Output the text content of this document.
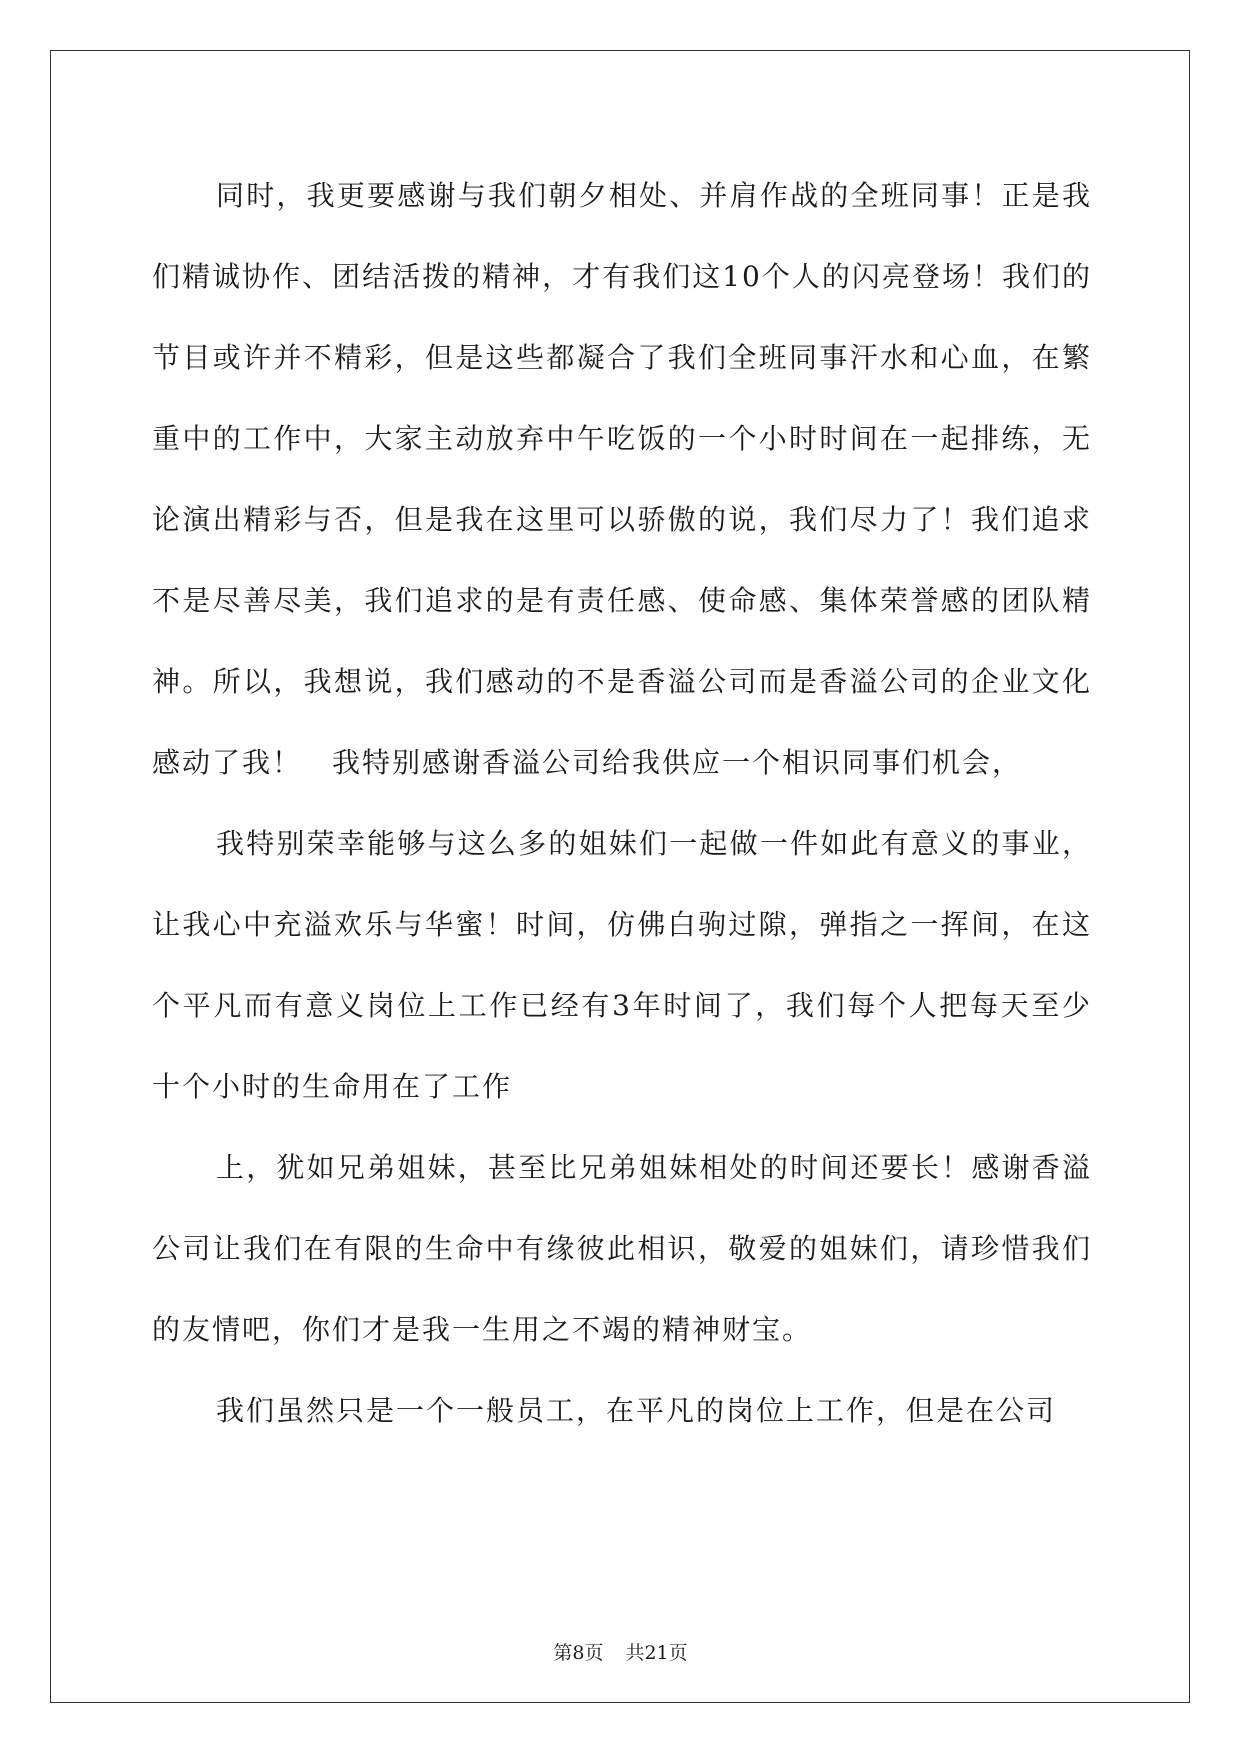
同时，我更要感谢与我们朝夕相处、并肩作战的全班同事！正是我们精诚协作、团结活拨的精神，才有我们这10个人的闪亮登场！我们的节目或许并不精彩，但是这些都凝合了我们全班同事汗水和心血，在繁重中的工作中，大家主动放弃中午吃饭的一个小时时间在一起排练，无论演出精彩与否，但是我在这里可以骄傲的说，我们尽力了！我们追求不是尽善尽美，我们追求的是有责任感、使命感、集体荣誉感的团队精神。所以，我想说，我们感动的不是香溢公司而是香溢公司的企业文化感动了我！　我特别感谢香溢公司给我供应一个相识同事们机会，

我特别荣幸能够与这么多的姐妹们一起做一件如此有意义的事业，让我心中充溢欢乐与华蜜！时间，仿佛白驹过隙，弹指之一挥间，在这个平凡而有意义岗位上工作已经有3年时间了，我们每个人把每天至少十个小时的生命用在了工作

上，犹如兄弟姐妹，甚至比兄弟姐妹相处的时间还要长！感谢香溢公司让我们在有限的生命中有缘彼此相识，敬爱的姐妹们，请珍惜我们的友情吧，你们才是我一生用之不竭的精神财宝。

我们虽然只是一个一般员工，在平凡的岗位上工作，但是在公司

第8页 共21页
